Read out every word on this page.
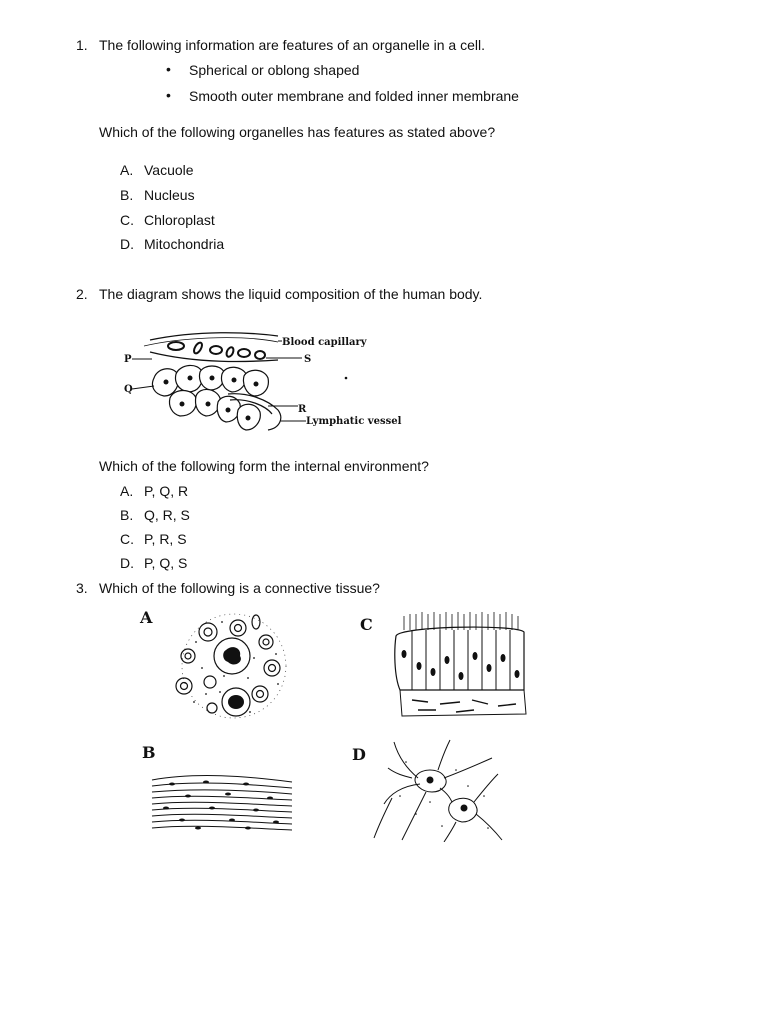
1. The following information are features of an organelle in a cell.
• Spherical or oblong shaped
• Smooth outer membrane and folded inner membrane
Which of the following organelles has features as stated above?
A. Vacuole
B. Nucleus
C. Chloroplast
D. Mitochondria
2. The diagram shows the liquid composition of the human body.
Blood capillary
P
Q
S
R
Lymphatic vessel
Which of the following form the internal environment?
A. P, Q, R
B. Q, R, S
C. P, R, S
D. P, Q, S
3. Which of the following is a connective tissue?
A	C
B	D
